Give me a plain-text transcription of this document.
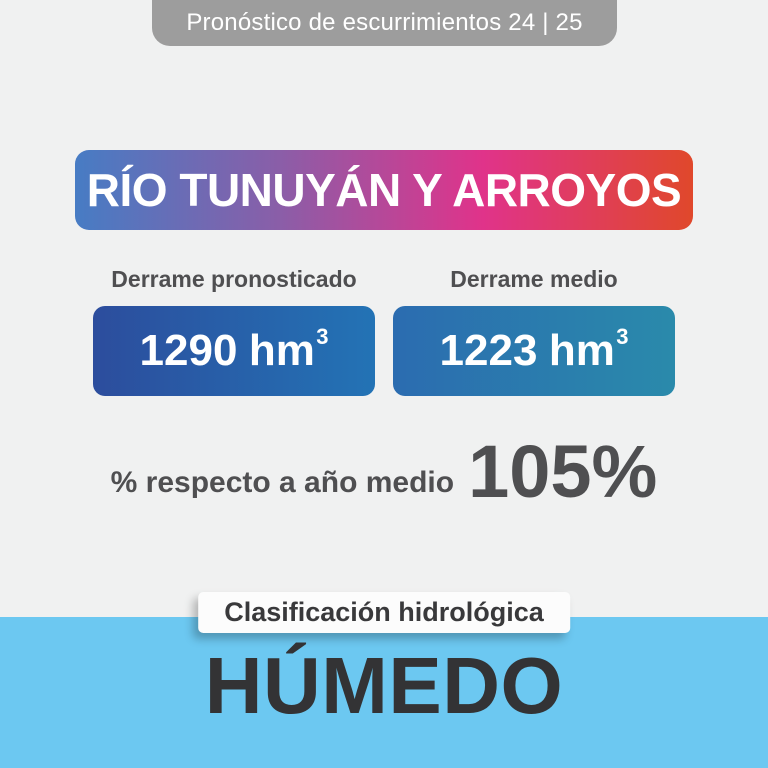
Pronóstico de escurrimientos 24 | 25
RÍO TUNUYÁN Y ARROYOS
Derrame pronosticado
1290 $hm^3$
Derrame medio
1223 $hm^3$
% respecto a año medio 105%
Clasificación hidrológica
HÚMEDO
